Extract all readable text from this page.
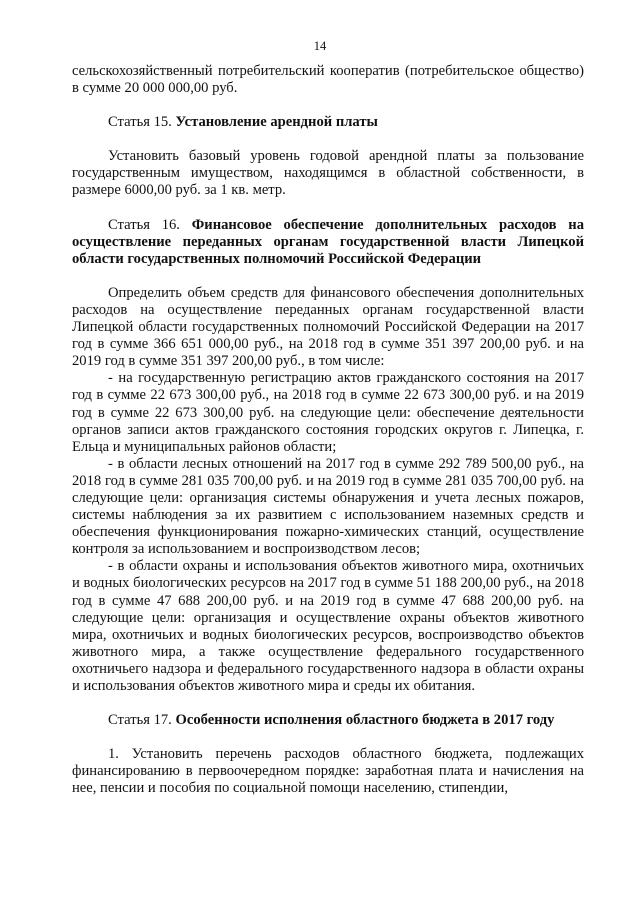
14

сельскохозяйственный потребительский кооператив (потребительское общество) в сумме 20 000 000,00 руб.

Статья 15. Установление арендной платы

Установить базовый уровень годовой арендной платы за пользование государственным имуществом, находящимся в областной собственности, в размере 6000,00 руб. за 1 кв. метр.

Статья 16. Финансовое обеспечение дополнительных расходов на осуществление переданных органам государственной власти Липецкой области государственных полномочий Российской Федерации

Определить объем средств для финансового обеспечения дополнительных расходов на осуществление переданных органам государственной власти Липецкой области государственных полномочий Российской Федерации на 2017 год в сумме 366 651 000,00 руб., на 2018 год в сумме 351 397 200,00 руб. и на 2019 год в сумме 351 397 200,00 руб., в том числе:

- на государственную регистрацию актов гражданского состояния на 2017 год в сумме 22 673 300,00 руб., на 2018 год в сумме 22 673 300,00 руб. и на 2019 год в сумме 22 673 300,00 руб. на следующие цели: обеспечение деятельности органов записи актов гражданского состояния городских округов г. Липецка, г. Ельца и муниципальных районов области;

- в области лесных отношений на 2017 год в сумме 292 789 500,00 руб., на 2018 год в сумме 281 035 700,00 руб. и на 2019 год в сумме 281 035 700,00 руб. на следующие цели: организация системы обнаружения и учета лесных пожаров, системы наблюдения за их развитием с использованием наземных средств и обеспечения функционирования пожарно-химических станций, осуществление контроля за использованием и воспроизводством лесов;

- в области охраны и использования объектов животного мира, охотничьих и водных биологических ресурсов на 2017 год в сумме 51 188 200,00 руб., на 2018 год в сумме 47 688 200,00 руб. и на 2019 год в сумме 47 688 200,00 руб. на следующие цели: организация и осуществление охраны объектов животного мира, охотничьих и водных биологических ресурсов, воспроизводство объектов животного мира, а также осуществление федерального государственного охотничьего надзора и федерального государственного надзора в области охраны и использования объектов животного мира и среды их обитания.

Статья 17. Особенности исполнения областного бюджета в 2017 году

1. Установить перечень расходов областного бюджета, подлежащих финансированию в первоочередном порядке: заработная плата и начисления на нее, пенсии и пособия по социальной помощи населению, стипендии,
